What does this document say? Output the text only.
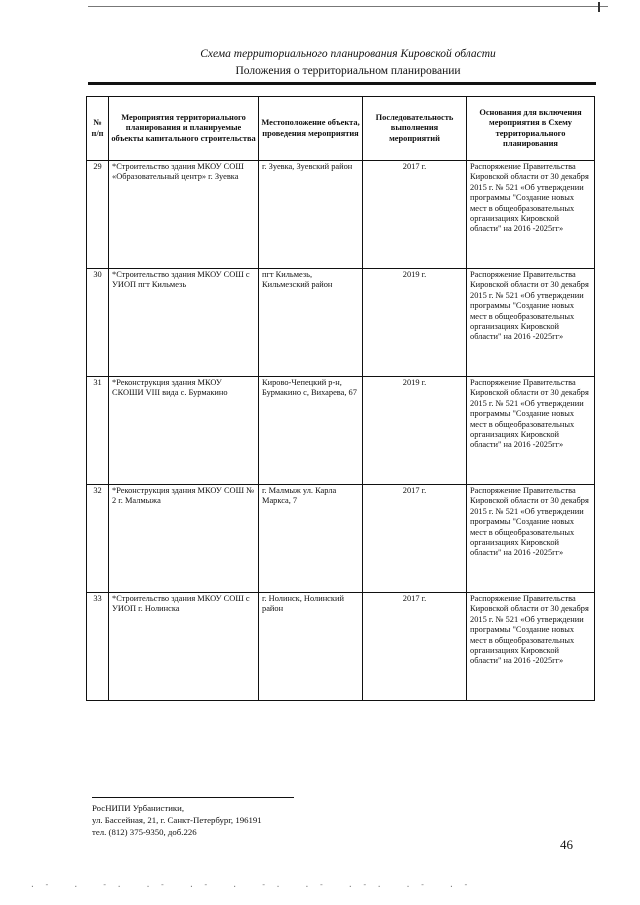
Схема территориального планирования Кировской области
Положения о территориальном планировании
№ п/п	Мероприятия территориального планирования и планируемые объекты капитального строительства	Местоположение объекта, проведения мероприятия	Последовательность выполнения мероприятий	Основания для включения мероприятия в Схему территориального планирования
29	*Строительство здания МКОУ СОШ «Образовательный центр» г. Зуевка	г. Зуевка, Зуевский район	2017 г.	Распоряжение Правительства Кировской области от 30 декабря 2015 г. № 521 «Об утверждении программы "Создание новых мест в общеобразовательных организациях Кировской области" на 2016 -2025гг»
30	*Строительство здания МКОУ СОШ с УИОП пгт Кильмезь	пгт Кильмезь, Кильмезский район	2019 г.	Распоряжение Правительства Кировской области от 30 декабря 2015 г. № 521 «Об утверждении программы "Создание новых мест в общеобразовательных организациях Кировской области" на 2016 -2025гг»
31	*Реконструкция здания МКОУ СКОШИ VIII вида с. Бурмакино	Кирово-Чепецкий р-н, Бурмакино с, Вихарева, 67	2019 г.	Распоряжение Правительства Кировской области от 30 декабря 2015 г. № 521 «Об утверждении программы "Создание новых мест в общеобразовательных организациях Кировской области" на 2016 -2025гг»
32	*Реконструкция здания МКОУ СОШ № 2 г. Малмыжа	г. Малмыж ул. Карла Маркса, 7	2017 г.	Распоряжение Правительства Кировской области от 30 декабря 2015 г. № 521 «Об утверждении программы "Создание новых мест в общеобразовательных организациях Кировской области" на 2016 -2025гг»
33	*Строительство здания МКОУ СОШ с УИОП г. Нолинска	г. Нолинск, Нолинский район	2017 г.	Распоряжение Правительства Кировской области от 30 декабря 2015 г. № 521 «Об утверждении программы "Создание новых мест в общеобразовательных организациях Кировской области" на 2016 -2025гг»
РосНИПИ Урбанистики,
ул. Бассейная, 21, г. Санкт-Петербург, 196191
тел. (812) 375-9350, доб.226
46
.  -  _  .  _  -  .  _  .  -  _  .  -  _  .  _  -  .  _  .  -  _  .  -  .  _  .  -  _  .  -
